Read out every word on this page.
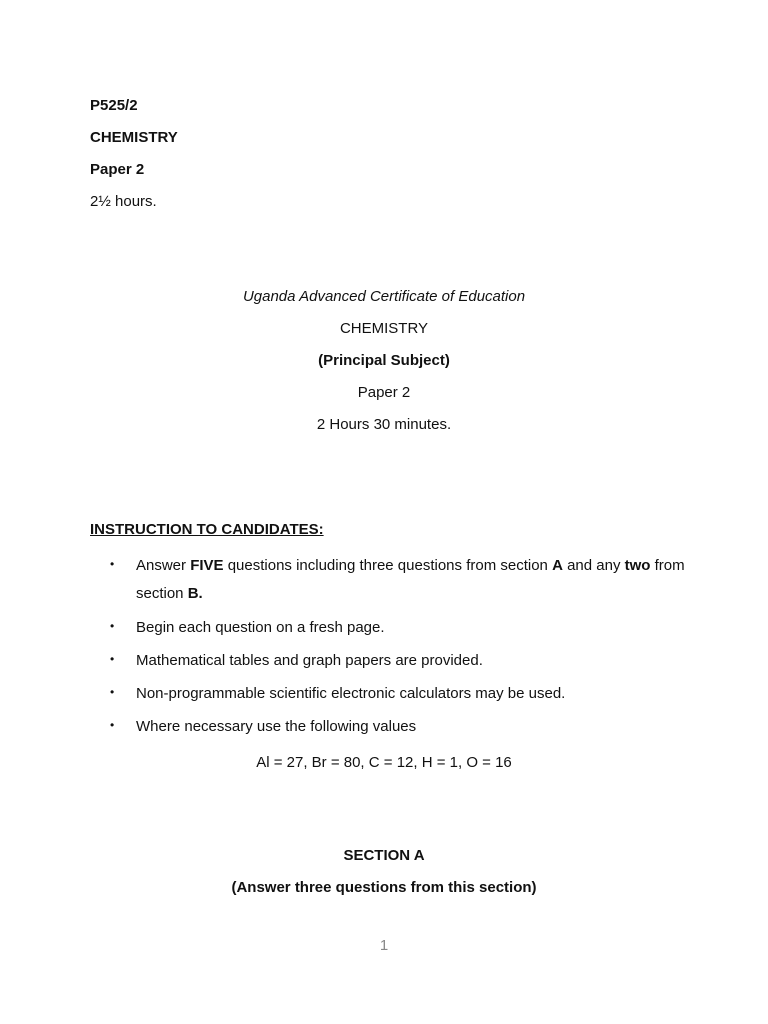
P525/2
CHEMISTRY
Paper 2
2½ hours.
Uganda Advanced Certificate of Education
CHEMISTRY
(Principal Subject)
Paper 2
2 Hours 30 minutes.
INSTRUCTION TO CANDIDATES:
• Answer FIVE questions including three questions from section A and any two from section B.
• Begin each question on a fresh page.
• Mathematical tables and graph papers are provided.
• Non-programmable scientific electronic calculators may be used.
• Where necessary use the following values
Al = 27, Br = 80, C = 12, H = 1, O = 16
SECTION A
(Answer three questions from this section)
1
